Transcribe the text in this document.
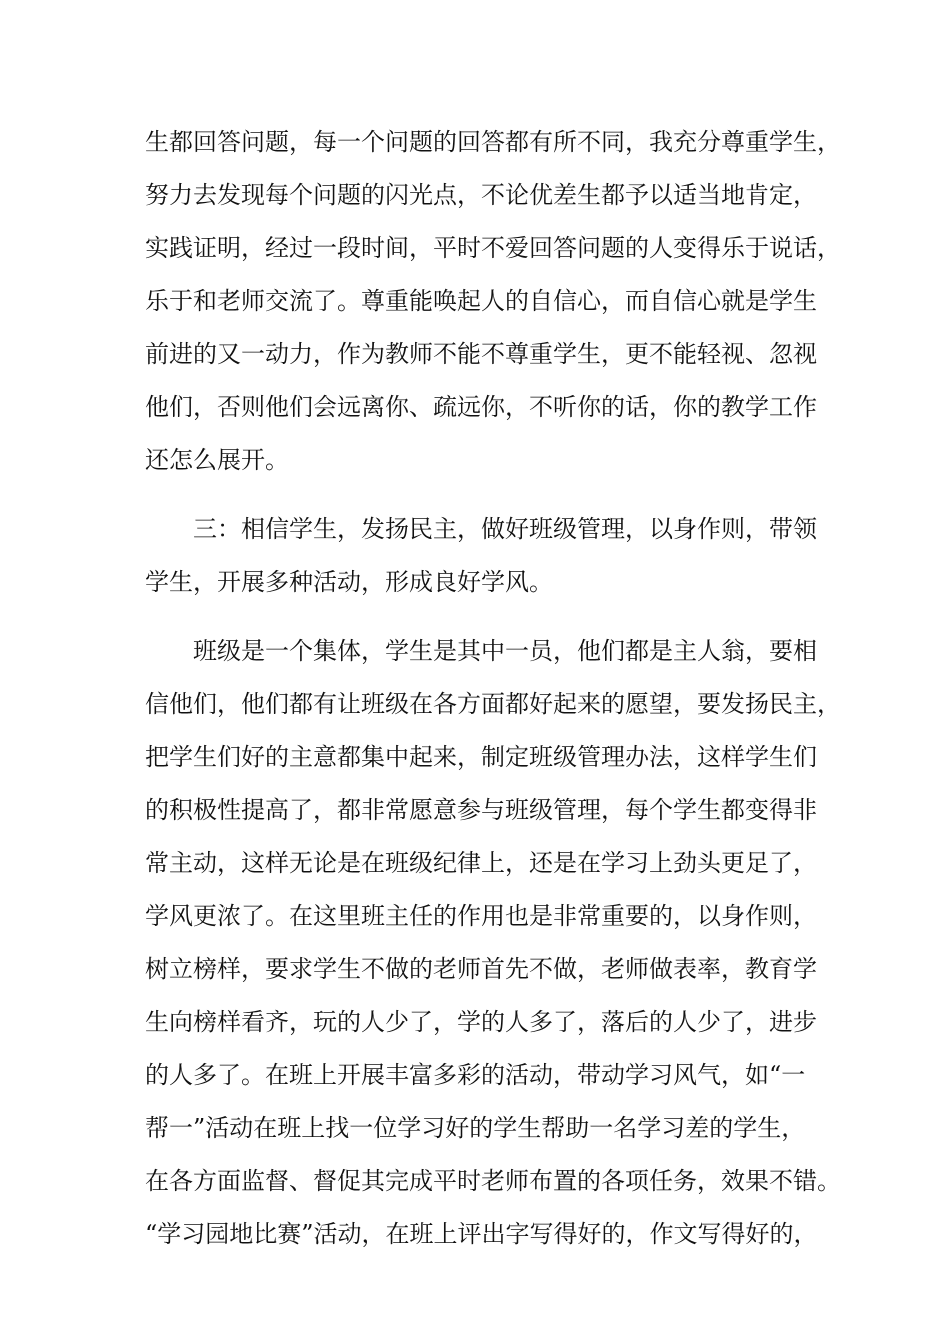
生都回答问题，每一个问题的回答都有所不同，我充分尊重学生，
努力去发现每个问题的闪光点，不论优差生都予以适当地肯定，
实践证明，经过一段时间，平时不爱回答问题的人变得乐于说话，
乐于和老师交流了。尊重能唤起人的自信心，而自信心就是学生
前进的又一动力，作为教师不能不尊重学生，更不能轻视、忽视
他们，否则他们会远离你、疏远你，不听你的话，你的教学工作
还怎么展开。
三：相信学生，发扬民主，做好班级管理，以身作则，带领
学生，开展多种活动，形成良好学风。
班级是一个集体，学生是其中一员，他们都是主人翁，要相
信他们，他们都有让班级在各方面都好起来的愿望，要发扬民主，
把学生们好的主意都集中起来，制定班级管理办法，这样学生们
的积极性提高了，都非常愿意参与班级管理，每个学生都变得非
常主动，这样无论是在班级纪律上，还是在学习上劲头更足了，
学风更浓了。在这里班主任的作用也是非常重要的，以身作则，
树立榜样，要求学生不做的老师首先不做，老师做表率，教育学
生向榜样看齐，玩的人少了，学的人多了，落后的人少了，进步
的人多了。在班上开展丰富多彩的活动，带动学习风气，如“一
帮一”活动在班上找一位学习好的学生帮助一名学习差的学生，
在各方面监督、督促其完成平时老师布置的各项任务，效果不错。
“学习园地比赛”活动，在班上评出字写得好的，作文写得好的，
